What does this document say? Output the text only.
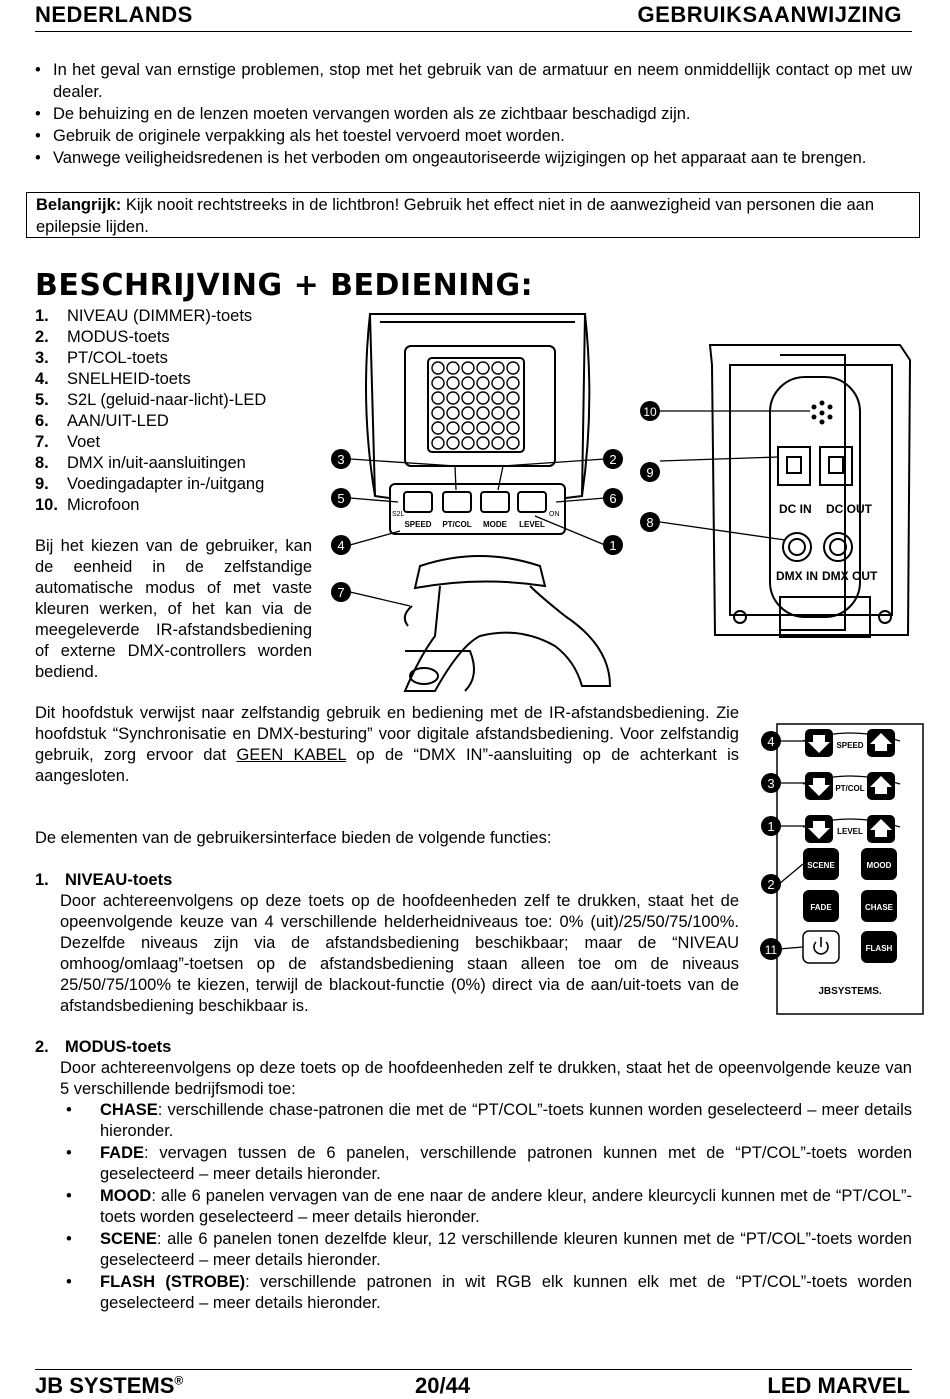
NEDERLANDS	GEBRUIKSAANWIJZING
• In het geval van ernstige problemen, stop met het gebruik van de armatuur en neem onmiddellijk contact op met uw dealer.
• De behuizing en de lenzen moeten vervangen worden als ze zichtbaar beschadigd zijn.
• Gebruik de originele verpakking als het toestel vervoerd moet worden.
• Vanwege veiligheidsredenen is het verboden om ongeautoriseerde wijzigingen op het apparaat aan te brengen.
Belangrijk: Kijk nooit rechtstreeks in de lichtbron! Gebruik het effect niet in de aanwezigheid van personen die aan epilepsie lijden.
BESCHRIJVING + BEDIENING:
1. NIVEAU (DIMMER)-toets
2. MODUS-toets
3. PT/COL-toets
4. SNELHEID-toets
5. S2L (geluid-naar-licht)-LED
6. AAN/UIT-LED
7. Voet
8. DMX in/uit-aansluitingen
9. Voedingadapter in-/uitgang
10. Microfoon
Bij het kiezen van de gebruiker, kan de eenheid in de zelfstandige automatische modus of met vaste kleuren werken, of het kan via de meegeleverde IR-afstandsbediening of externe DMX-controllers worden bediend.
SPEED PT/COL MODE LEVEL
S2L	ON
3
5
4
7
2
6
1
DC IN DC OUT
DMX IN DMX OUT
10
9
8
Dit hoofdstuk verwijst naar zelfstandig gebruik en bediening met de IR-afstandsbediening. Zie hoofdstuk “Synchronisatie en DMX-besturing” voor digitale afstandsbediening. Voor zelfstandig gebruik, zorg ervoor dat GEEN KABEL op de “DMX IN”-aansluiting op de achterkant is aangesloten.
De elementen van de gebruikersinterface bieden de volgende functies:
1. NIVEAU-toets
Door achtereenvolgens op deze toets op de hoofdeenheden zelf te drukken, staat het de opeenvolgende keuze van 4 verschillende helderheidniveaus toe: 0% (uit)/25/50/75/100%. Dezelfde niveaus zijn via de afstandsbediening beschikbaar; maar de “NIVEAU omhoog/omlaag”-toetsen op de afstandsbediening staan alleen toe om de niveaus 25/50/75/100% te kiezen, terwijl de blackout-functie (0%) direct via de aan/uit-toets van de afstandsbediening beschikbaar is.
SPEED
PT/COL
LEVEL
SCENE	MOOD
FADE	CHASE
FLASH
JBSYSTEMS.
4
3
1
2
11
2. MODUS-toets
Door achtereenvolgens op deze toets op de hoofdeenheden zelf te drukken, staat het de opeenvolgende keuze van 5 verschillende bedrijfsmodi toe:
• CHASE: verschillende chase-patronen die met de “PT/COL”-toets kunnen worden geselecteerd – meer details hieronder.
• FADE: vervagen tussen de 6 panelen, verschillende patronen kunnen met de “PT/COL”-toets worden geselecteerd – meer details hieronder.
• MOOD: alle 6 panelen vervagen van de ene naar de andere kleur, andere kleurcycli kunnen met de “PT/COL”-toets worden geselecteerd – meer details hieronder.
• SCENE: alle 6 panelen tonen dezelfde kleur, 12 verschillende kleuren kunnen met de “PT/COL”-toets worden geselecteerd – meer details hieronder.
• FLASH (STROBE): verschillende patronen in wit RGB elk kunnen elk met de “PT/COL”-toets worden geselecteerd – meer details hieronder.
JB SYSTEMS®	20/44	LED MARVEL
